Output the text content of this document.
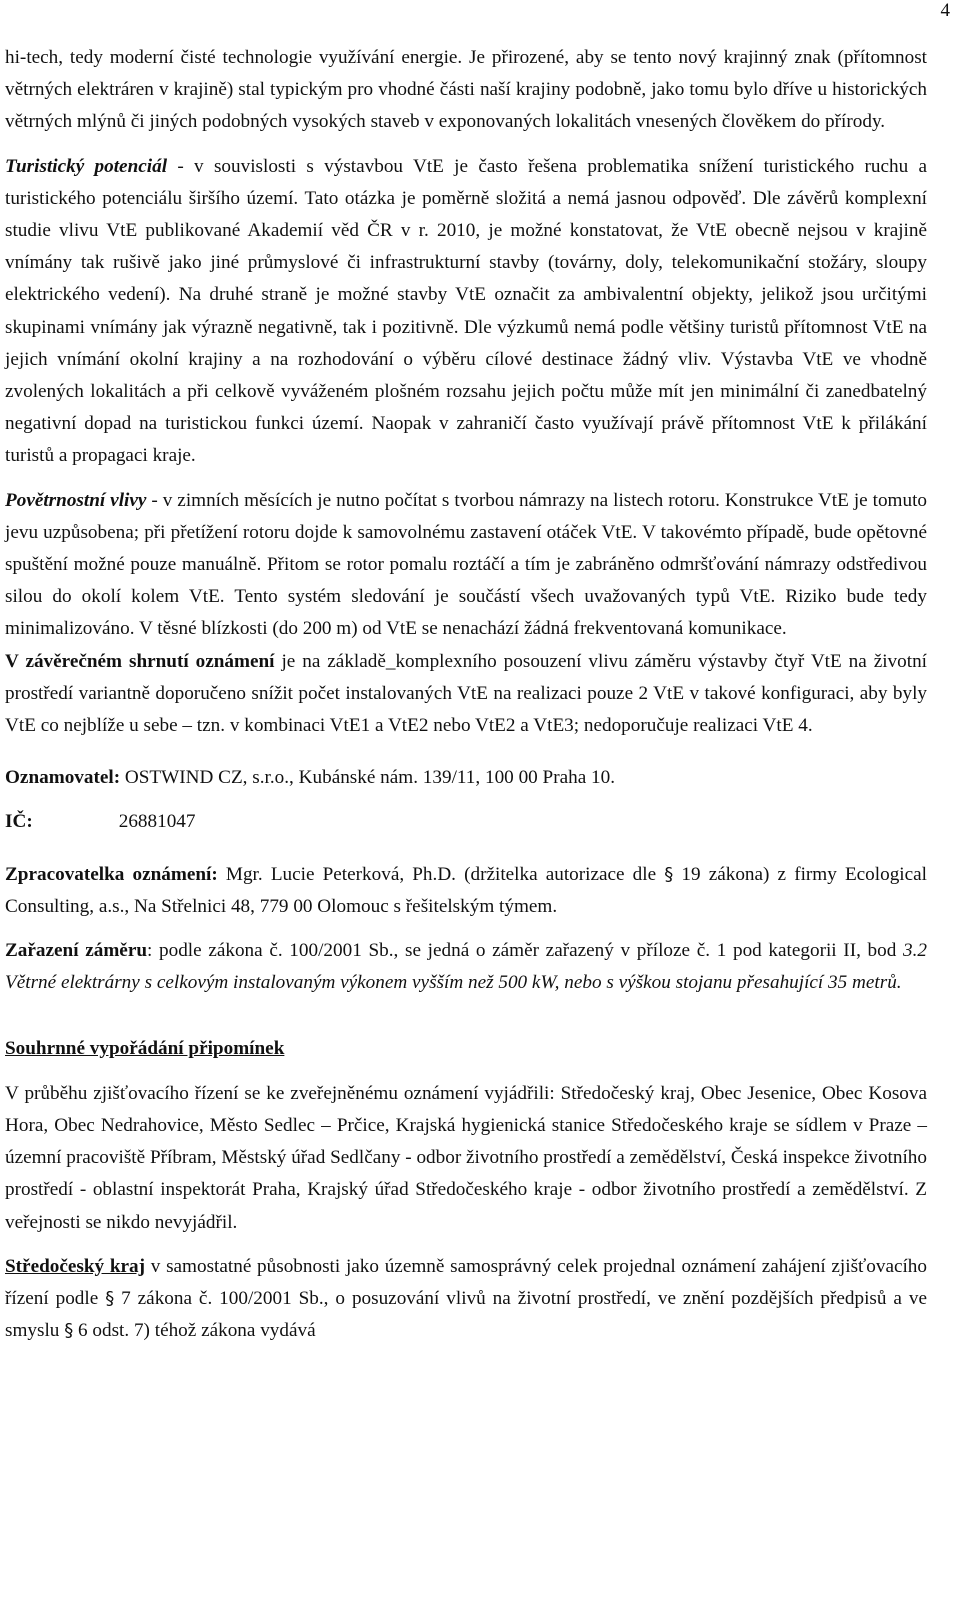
4

hi-tech, tedy moderní čisté technologie využívání energie. Je přirozené, aby se tento nový krajinný znak (přítomnost větrných elektráren v krajině) stal typickým pro vhodné části naší krajiny podobně, jako tomu bylo dříve u historických větrných mlýnů či jiných podobných vysokých staveb v exponovaných lokalitách vnesených člověkem do přírody.

Turistický potenciál - v souvislosti s výstavbou VtE je často řešena problematika snížení turistického ruchu a turistického potenciálu širšího území. Tato otázka je poměrně složitá a nemá jasnou odpověď. Dle závěrů komplexní studie vlivu VtE publikované Akademií věd ČR v r. 2010, je možné konstatovat, že VtE obecně nejsou v krajině vnímány tak rušivě jako jiné průmyslové či infrastrukturní stavby (továrny, doly, telekomunikační stožáry, sloupy elektrického vedení). Na druhé straně je možné stavby VtE označit za ambivalentní objekty, jelikož jsou určitými skupinami vnímány jak výrazně negativně, tak i pozitivně. Dle výzkumů nemá podle většiny turistů přítomnost VtE na jejich vnímání okolní krajiny a na rozhodování o výběru cílové destinace žádný vliv. Výstavba VtE ve vhodně zvolených lokalitách a při celkově vyváženém plošném rozsahu jejich počtu může mít jen minimální či zanedbatelný negativní dopad na turistickou funkci území. Naopak v zahraničí často využívají právě přítomnost VtE k přilákání turistů a propagaci kraje.

Povětrnostní vlivy - v zimních měsících je nutno počítat s tvorbou námrazy na listech rotoru. Konstrukce VtE je tomuto jevu uzpůsobena; při přetížení rotoru dojde k samovolnému zastavení otáček VtE. V takovémto případě, bude opětovné spuštění možné pouze manuálně. Přitom se rotor pomalu roztáčí a tím je zabráněno odmršťování námrazy odstředivou silou do okolí kolem VtE. Tento systém sledování je součástí všech uvažovaných typů VtE. Riziko bude tedy minimalizováno. V těsné blízkosti (do 200 m) od VtE se nenachází žádná frekventovaná komunikace.

V závěrečném shrnutí oznámení je na základě_komplexního posouzení vlivu záměru výstavby čtyř VtE na životní prostředí variantně doporučeno snížit počet instalovaných VtE na realizaci pouze 2 VtE v takové konfiguraci, aby byly VtE co nejblíže u sebe – tzn. v kombinaci VtE1 a VtE2 nebo VtE2 a VtE3; nedoporučuje realizaci VtE 4.

Oznamovatel: OSTWIND CZ, s.r.o., Kubánské nám. 139/11, 100 00 Praha 10.

IČ:	26881047

Zpracovatelka oznámení: Mgr. Lucie Peterková, Ph.D. (držitelka autorizace dle § 19 zákona) z firmy Ecological Consulting, a.s., Na Střelnici 48, 779 00 Olomouc s řešitelským týmem.

Zařazení záměru: podle zákona č. 100/2001 Sb., se jedná o záměr zařazený v příloze č. 1 pod kategorii II, bod 3.2 Větrné elektrárny s celkovým instalovaným výkonem vyšším než 500 kW, nebo s výškou stojanu přesahující 35 metrů.

Souhrnné vypořádání připomínek

V průběhu zjišťovacího řízení se ke zveřejněnému oznámení vyjádřili: Středočeský kraj, Obec Jesenice, Obec Kosova Hora, Obec Nedrahovice, Město Sedlec – Prčice, Krajská hygienická stanice Středočeského kraje se sídlem v Praze – územní pracoviště Příbram, Městský úřad Sedlčany - odbor životního prostředí a zemědělství, Česká inspekce životního prostředí - oblastní inspektorát Praha, Krajský úřad Středočeského kraje - odbor životního prostředí a zemědělství. Z veřejnosti se nikdo nevyjádřil.

Středočeský kraj v samostatné působnosti jako územně samosprávný celek projednal oznámení zahájení zjišťovacího řízení podle § 7 zákona č. 100/2001 Sb., o posuzování vlivů na životní prostředí, ve znění pozdějších předpisů a ve smyslu § 6 odst. 7) téhož zákona vydává
